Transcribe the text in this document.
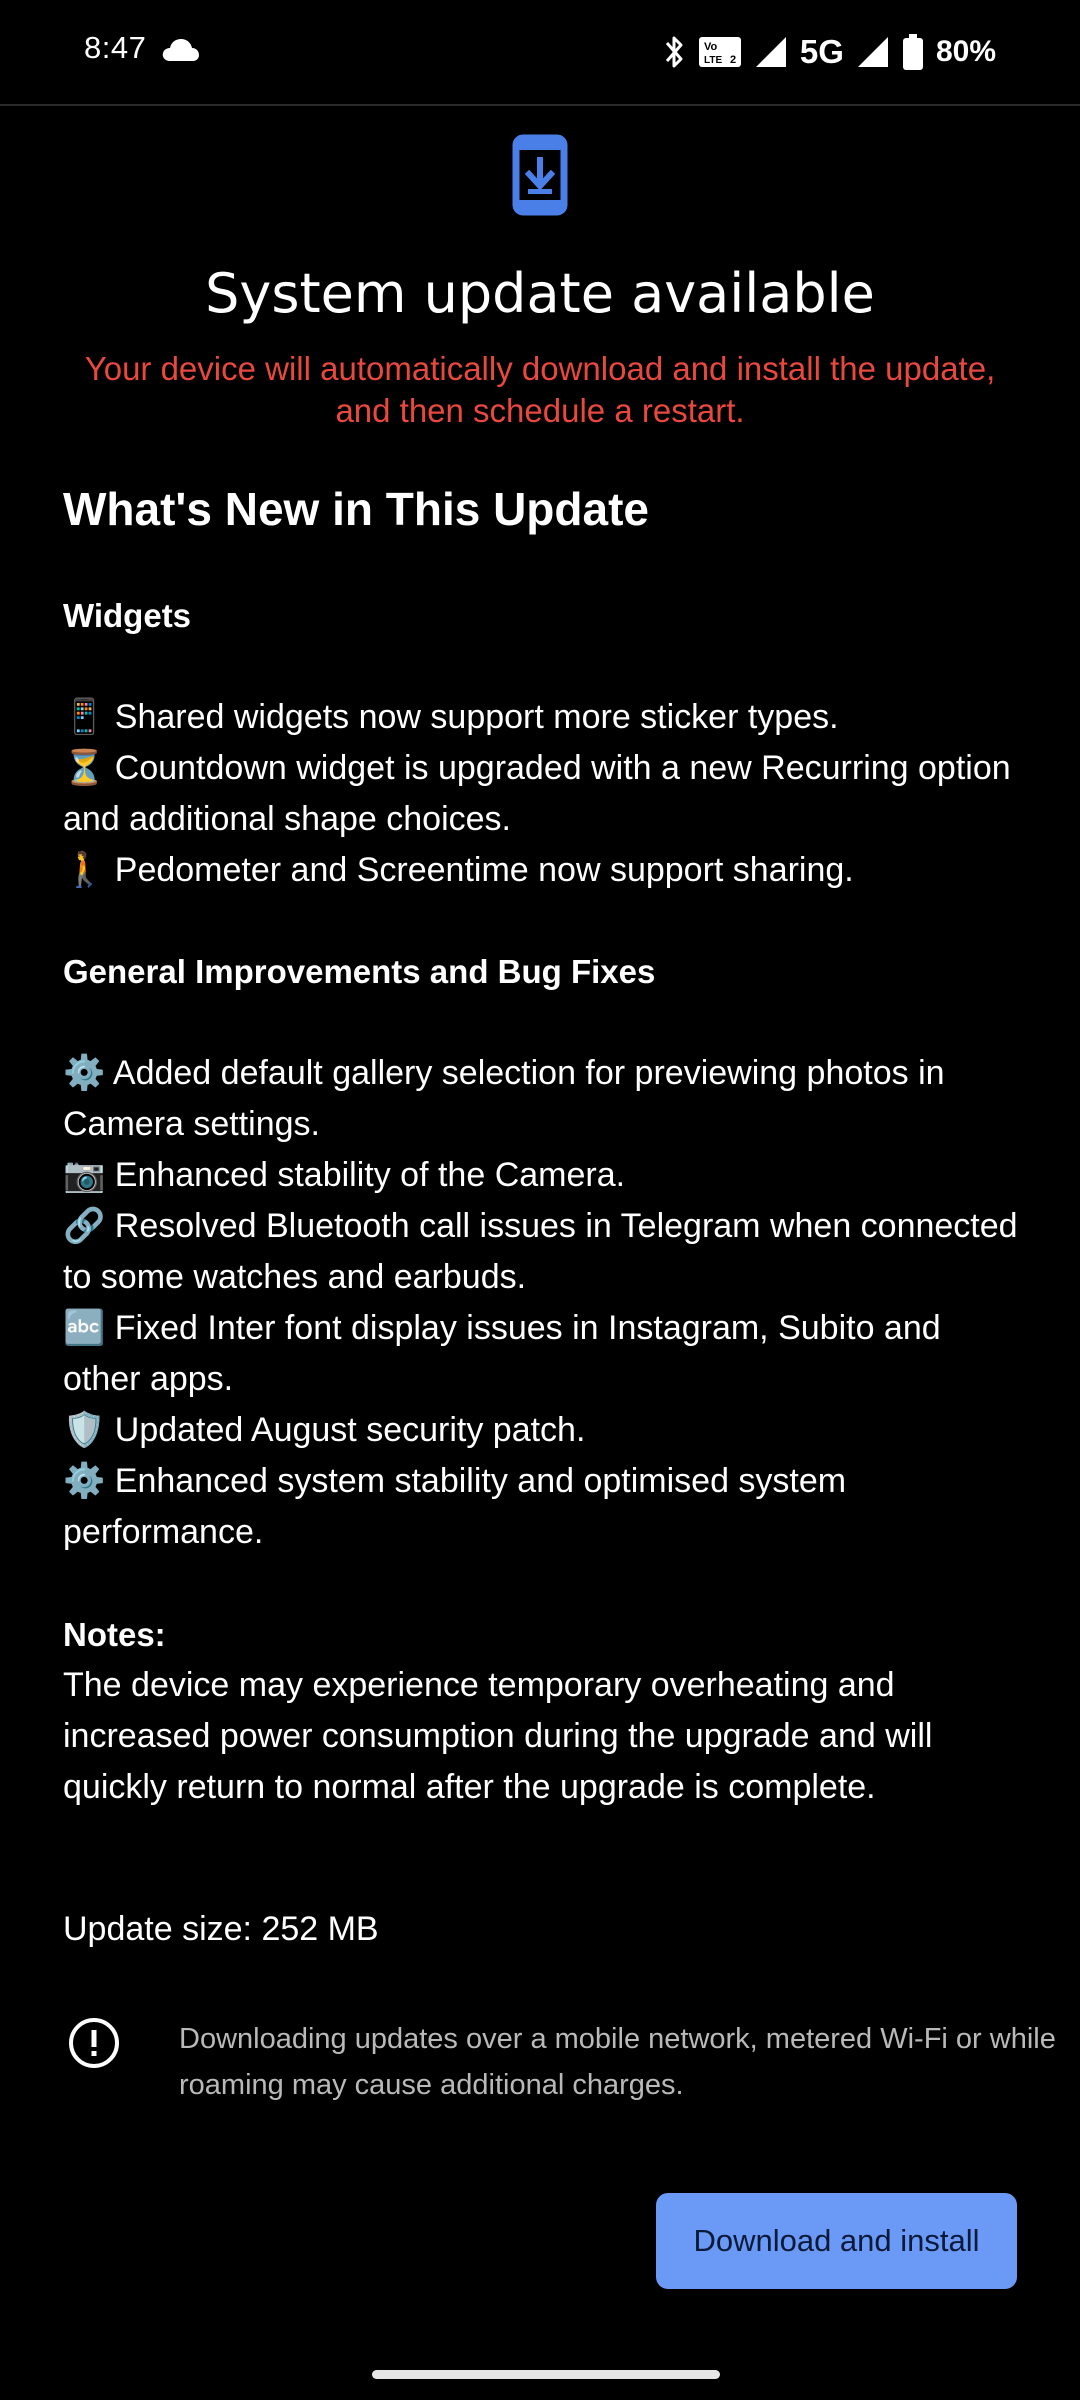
8:47	Vo
LTE 2 5G	80%
System update available
Your device will automatically download and install the update, and then schedule a restart.
What's New in This Update
Widgets
📱 Shared widgets now support more sticker types.
⏳ Countdown widget is upgraded with a new Recurring option and additional shape choices.
🚶 Pedometer and Screentime now support sharing.
General Improvements and Bug Fixes
⚙️ Added default gallery selection for previewing photos in Camera settings.
📷 Enhanced stability of the Camera.
🔗 Resolved Bluetooth call issues in Telegram when connected to some watches and earbuds.
🔤 Fixed Inter font display issues in Instagram, Subito and other apps.
🛡️ Updated August security patch.
⚙️ Enhanced system stability and optimised system performance.
Notes:
The device may experience temporary overheating and increased power consumption during the upgrade and will quickly return to normal after the upgrade is complete.
Update size: 252 MB
Downloading updates over a mobile network, metered Wi-Fi or while roaming may cause additional charges.
Download and install
